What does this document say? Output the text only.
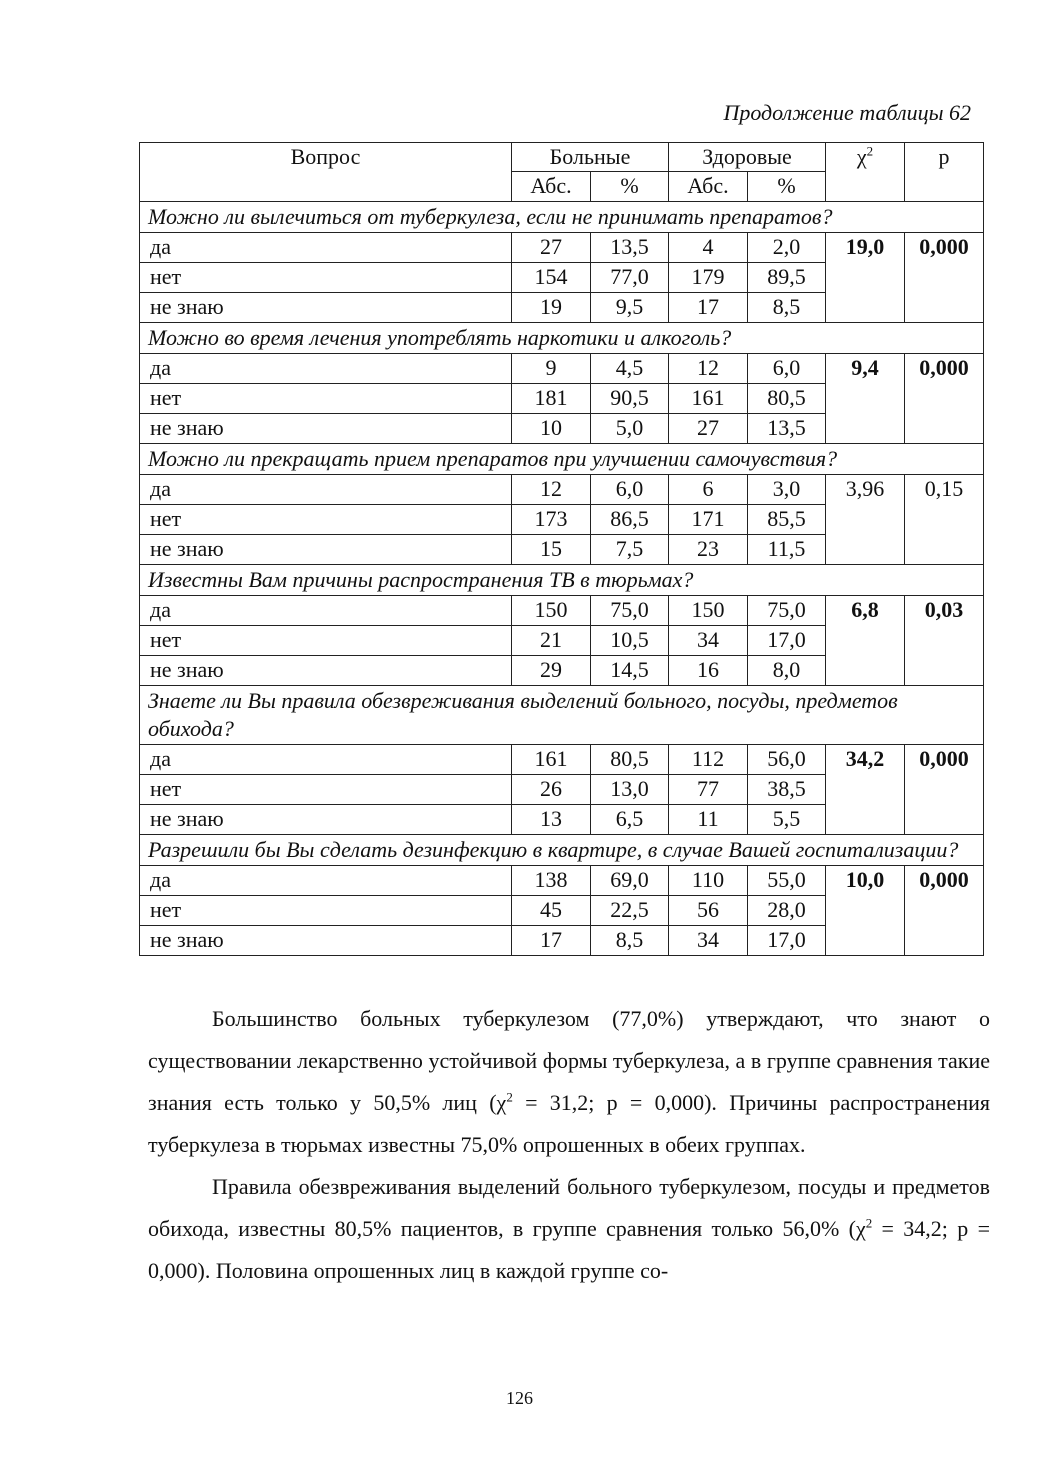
Продолжение таблицы 62
Вопрос	Больные		Здоровые		$\chi^2$	р
	Абс.	%	Абс.	%		
Можно ли вылечиться от туберкулеза, если не принимать препаратов?						
да	27	13,5	4	2,0	19,0	0,000
нет	154	77,0	179	89,5		
не знаю	19	9,5	17	8,5		
Можно во время лечения употреблять наркотики и алкоголь?						
да	9	4,5	12	6,0	9,4	0,000
нет	181	90,5	161	80,5		
не знаю	10	5,0	27	13,5		
Можно ли прекращать прием препаратов при улучшении самочувствия?						
да	12	6,0	6	3,0	3,96	0,15
нет	173	86,5	171	85,5		
не знаю	15	7,5	23	11,5		
Известны Вам причины распространения ТВ в тюрьмах?						
да	150	75,0	150	75,0	6,8	0,03
нет	21	10,5	34	17,0		
не знаю	29	14,5	16	8,0		
Знаете ли Вы правила обезвреживания выделений больного, посуды, предметов обихода?						
да	161	80,5	112	56,0	34,2	0,000
нет	26	13,0	77	38,5		
не знаю	13	6,5	11	5,5		
Разрешили бы Вы сделать дезинфекцию в квартире, в случае Вашей госпитализации?						
да	138	69,0	110	55,0	10,0	0,000
нет	45	22,5	56	28,0		
не знаю	17	8,5	34	17,0		

Большинство больных туберкулезом (77,0%) утверждают, что знают о существовании лекарственно устойчивой формы туберкулеза, а в группе сравнения такие знания есть только у 50,5% лиц ($\chi^2 = 31,2$; р = 0,000). Причины распространения туберкулеза в тюрьмах известны 75,0% опрошенных в обеих группах.

Правила обезвреживания выделений больного туберкулезом, посуды и предметов обихода, известны 80,5% пациентов, в группе сравнения только 56,0% ($\chi^2 = 34,2$; р = 0,000). Половина опрошенных лиц в каждой группе со-

126
